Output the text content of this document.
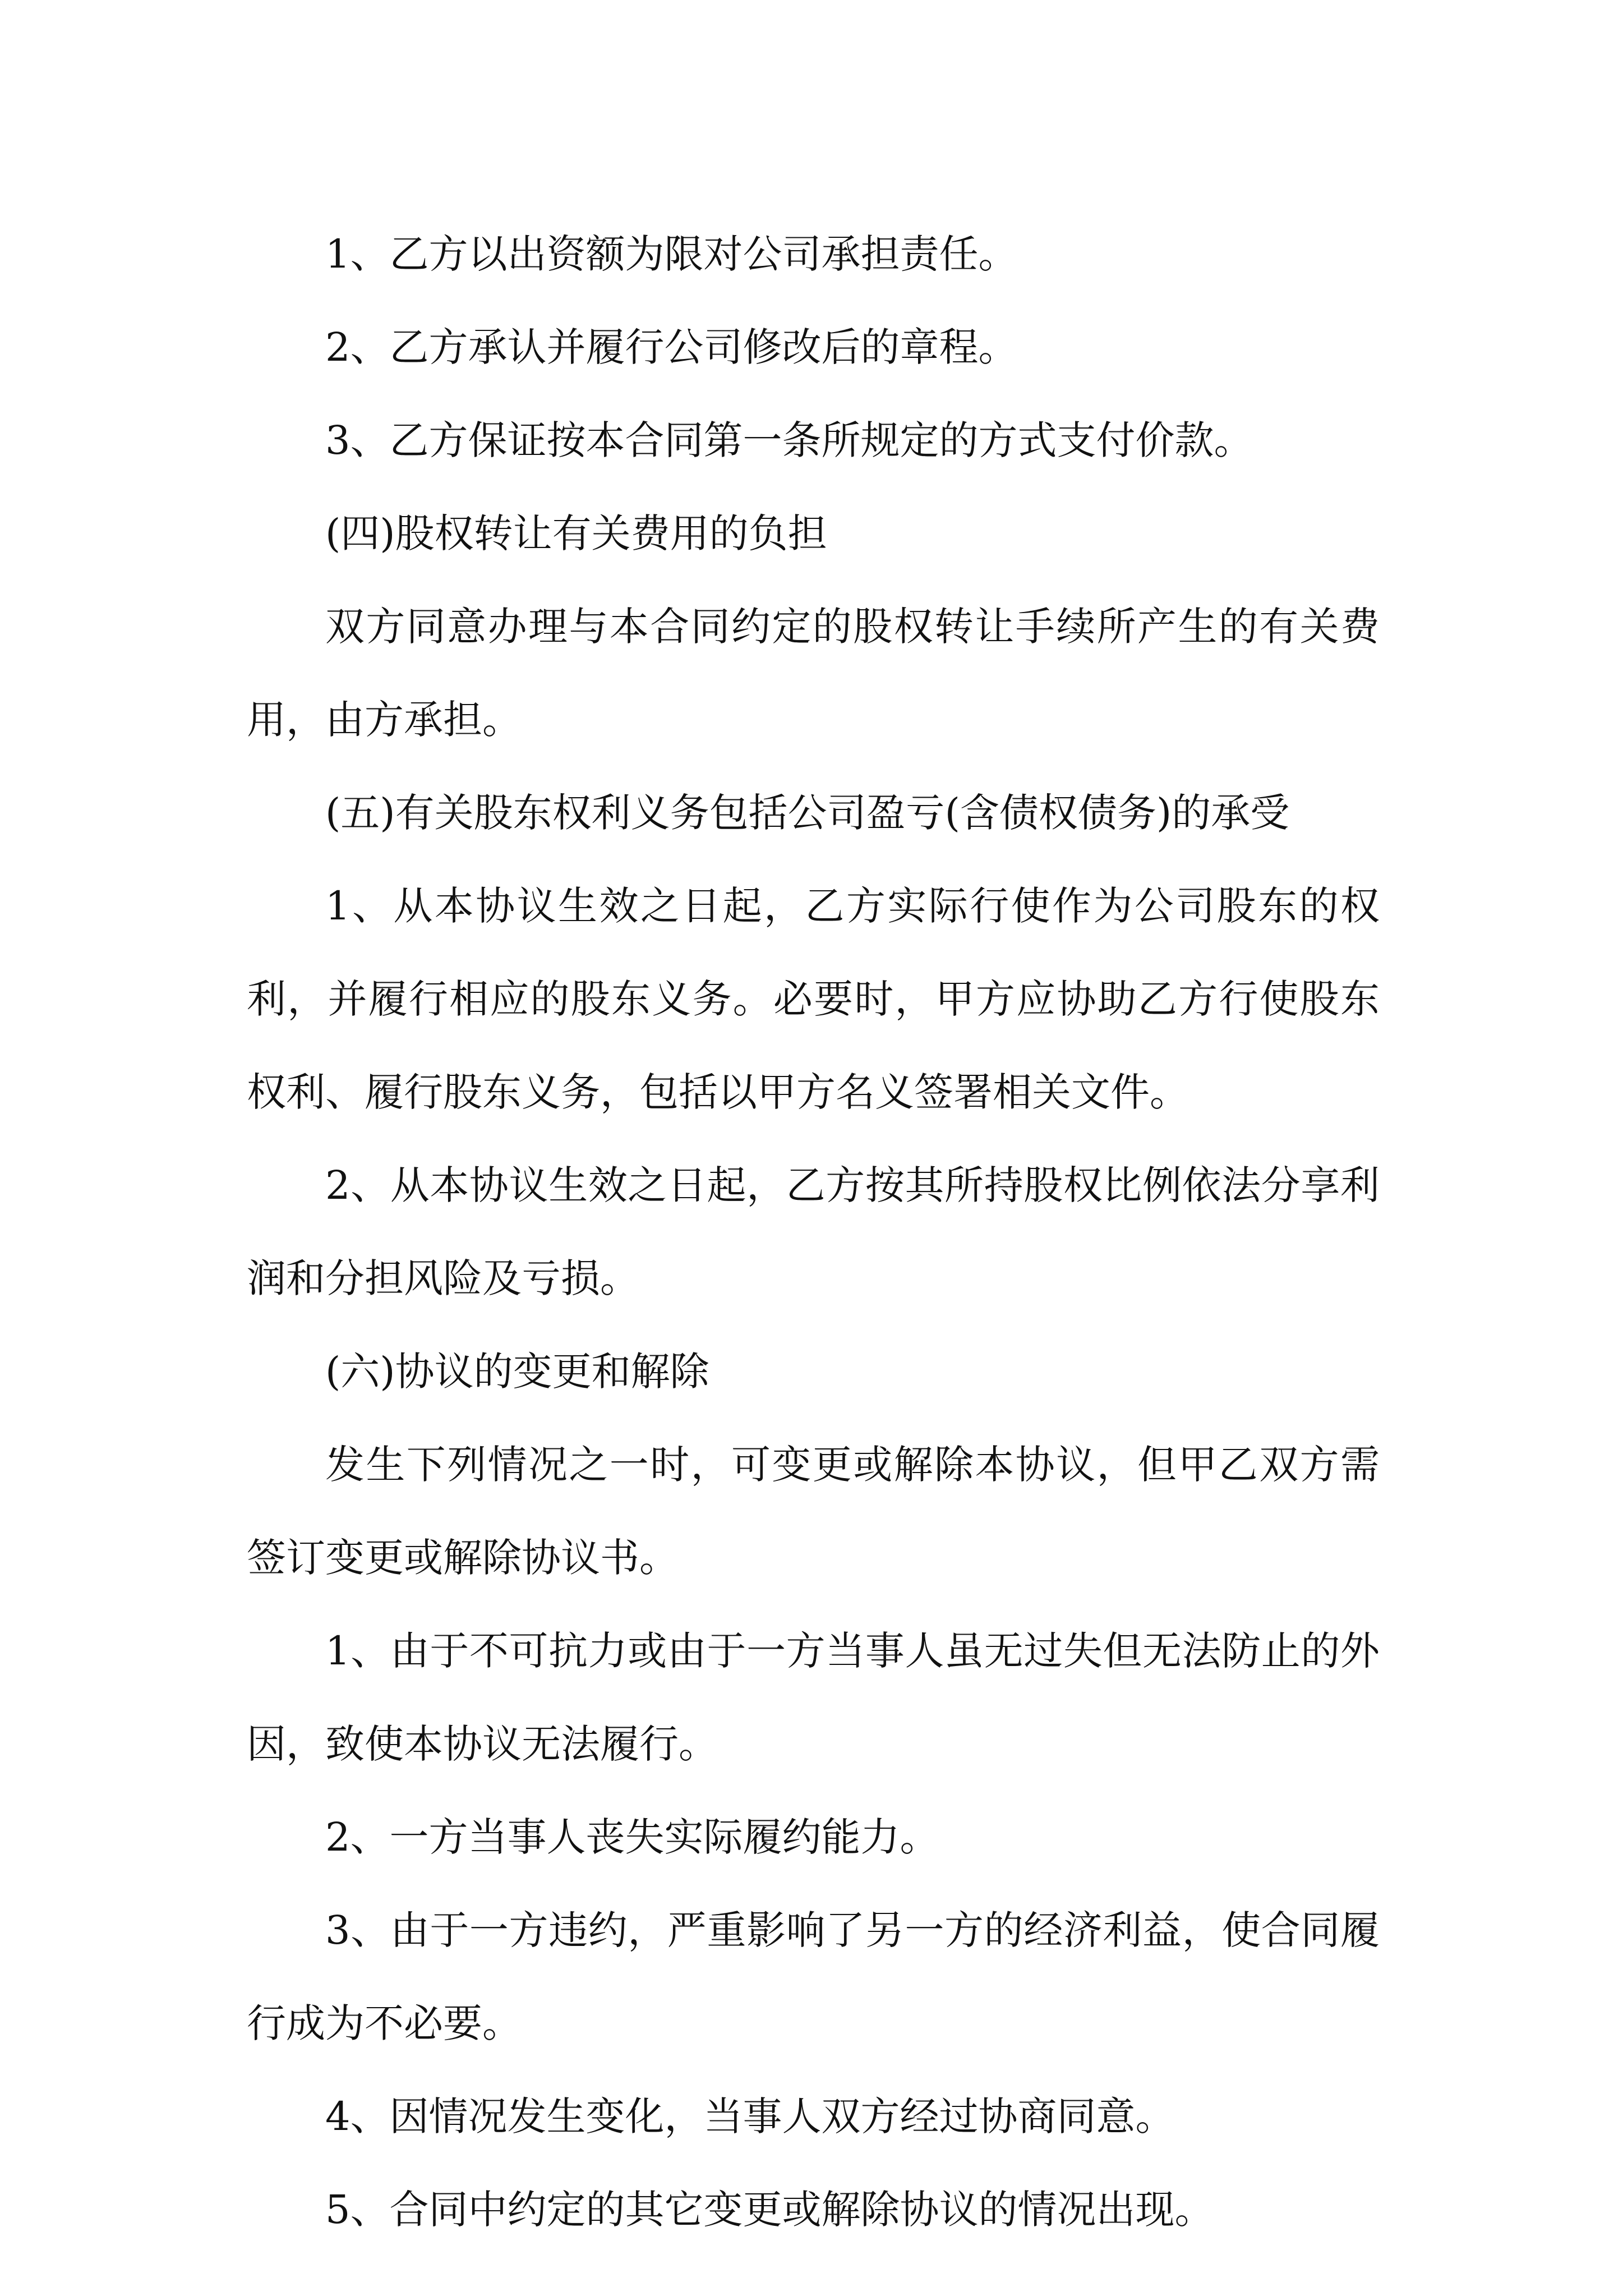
1、乙方以出资额为限对公司承担责任。

2、乙方承认并履行公司修改后的章程。

3、乙方保证按本合同第一条所规定的方式支付价款。

(四)股权转让有关费用的负担

双方同意办理与本合同约定的股权转让手续所产生的有关费用，由方承担。

(五)有关股东权利义务包括公司盈亏(含债权债务)的承受

1、从本协议生效之日起，乙方实际行使作为公司股东的权利，并履行相应的股东义务。必要时，甲方应协助乙方行使股东权利、履行股东义务，包括以甲方名义签署相关文件。

2、从本协议生效之日起，乙方按其所持股权比例依法分享利润和分担风险及亏损。

(六)协议的变更和解除

发生下列情况之一时，可变更或解除本协议，但甲乙双方需签订变更或解除协议书。

1、由于不可抗力或由于一方当事人虽无过失但无法防止的外因，致使本协议无法履行。

2、一方当事人丧失实际履约能力。

3、由于一方违约，严重影响了另一方的经济利益，使合同履行成为不必要。

4、因情况发生变化，当事人双方经过协商同意。

5、合同中约定的其它变更或解除协议的情况出现。
